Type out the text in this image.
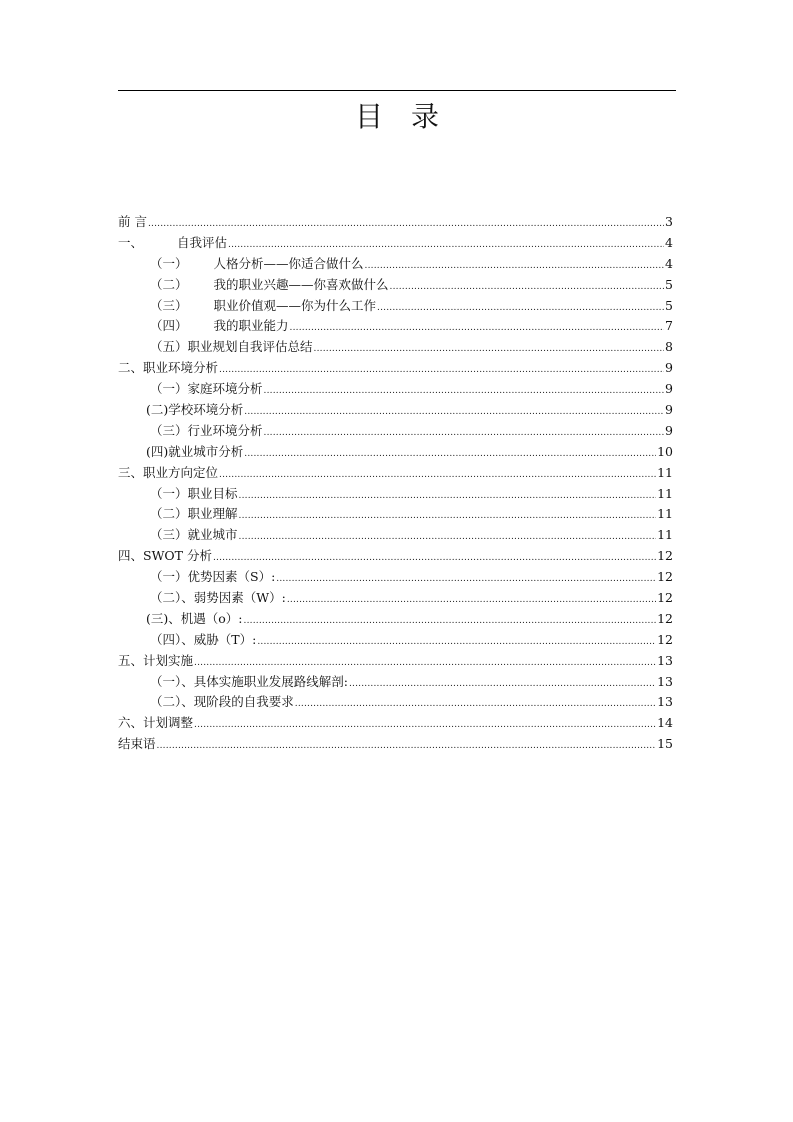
目 录
前 言 .....	3
一、	自我评估 .....	4
（一） 人格分析——你适合做什么 .....	4
（二） 我的职业兴趣——你喜欢做什么 .....	5
（三） 职业价值观——你为什么工作 .....	5
（四） 我的职业能力 .....	7
（五）职业规划自我评估总结 .....	8
二、职业环境分析 .....	9
（一）家庭环境分析 .....	9
(二)学校环境分析 .....	9
（三）行业环境分析 .....	9
(四)就业城市分析 .....	10
三、职业方向定位 .....	11
（一）职业目标 .....	11
（二）职业理解 .....	11
（三）就业城市 .....	11
四、SWOT 分析 .....	12
（一）优势因素（S）: .....	12
（二）、弱势因素（W）: .....	12
(三)、机遇（o）: .....	12
（四）、威胁（T）: .....	12
五、计划实施 .....	13
（一）、具体实施职业发展路线解剖: .....	13
（二）、现阶段的自我要求 .....	13
六、计划调整 .....	14
结束语 .....	15
